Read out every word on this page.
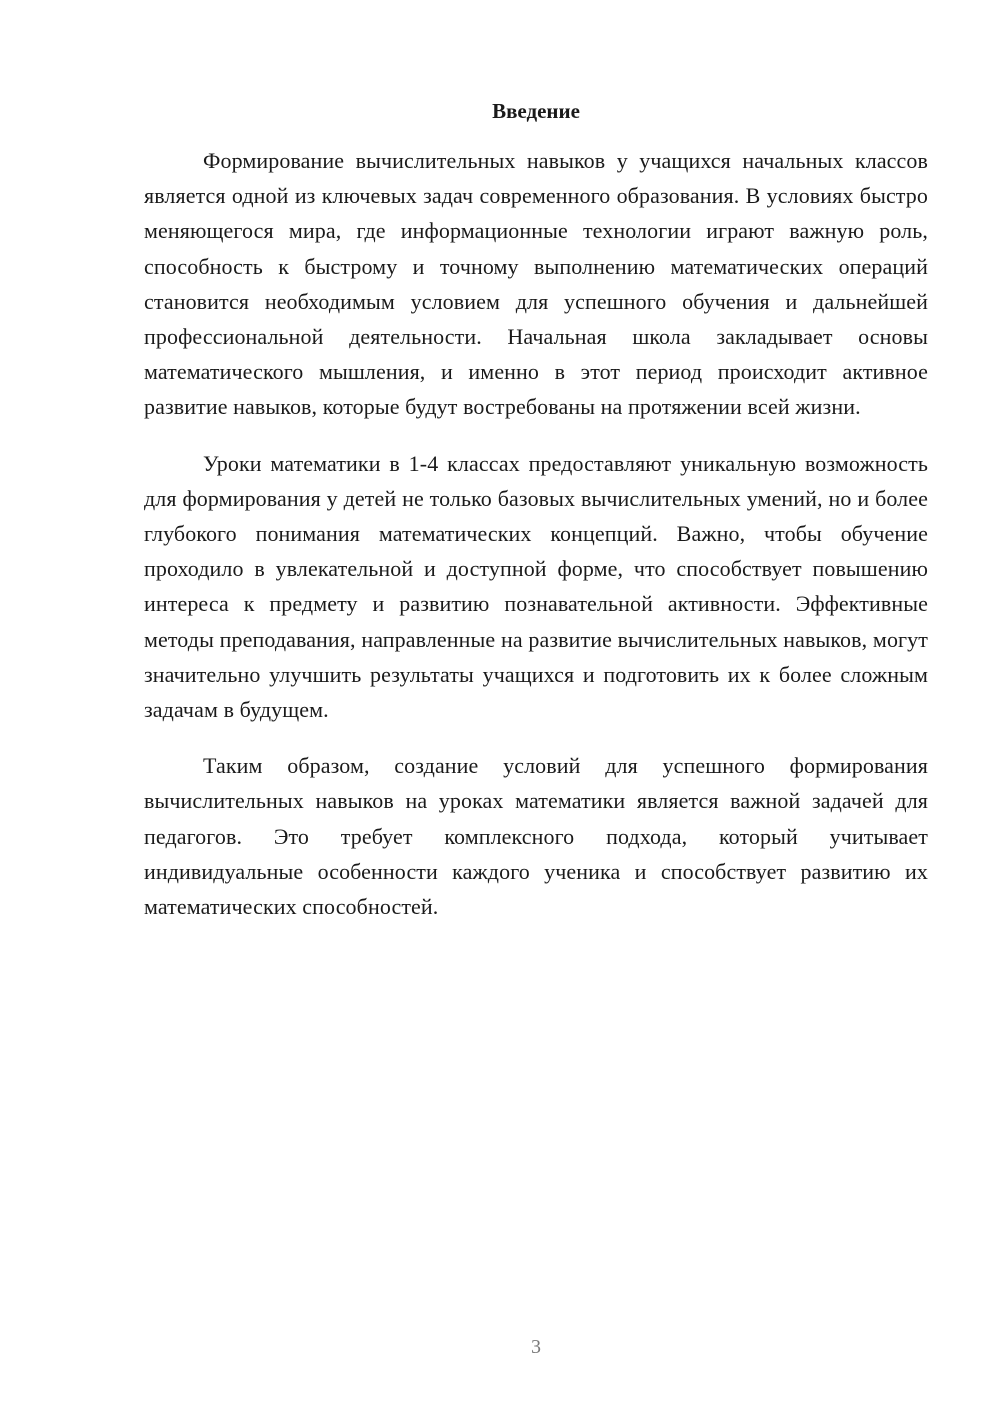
Введение

Формирование вычислительных навыков у учащихся начальных классов является одной из ключевых задач современного образования. В условиях быстро меняющегося мира, где информационные технологии играют важную роль, способность к быстрому и точному выполнению математических операций становится необходимым условием для успешного обучения и дальнейшей профессиональной деятельности. Начальная школа закладывает основы математического мышления, и именно в этот период происходит активное развитие навыков, которые будут востребованы на протяжении всей жизни.

Уроки математики в 1-4 классах предоставляют уникальную возможность для формирования у детей не только базовых вычислительных умений, но и более глубокого понимания математических концепций. Важно, чтобы обучение проходило в увлекательной и доступной форме, что способствует повышению интереса к предмету и развитию познавательной активности. Эффективные методы преподавания, направленные на развитие вычислительных навыков, могут значительно улучшить результаты учащихся и подготовить их к более сложным задачам в будущем.

Таким образом, создание условий для успешного формирования вычислительных навыков на уроках математики является важной задачей для педагогов. Это требует комплексного подхода, который учитывает индивидуальные особенности каждого ученика и способствует развитию их математических способностей.

3
